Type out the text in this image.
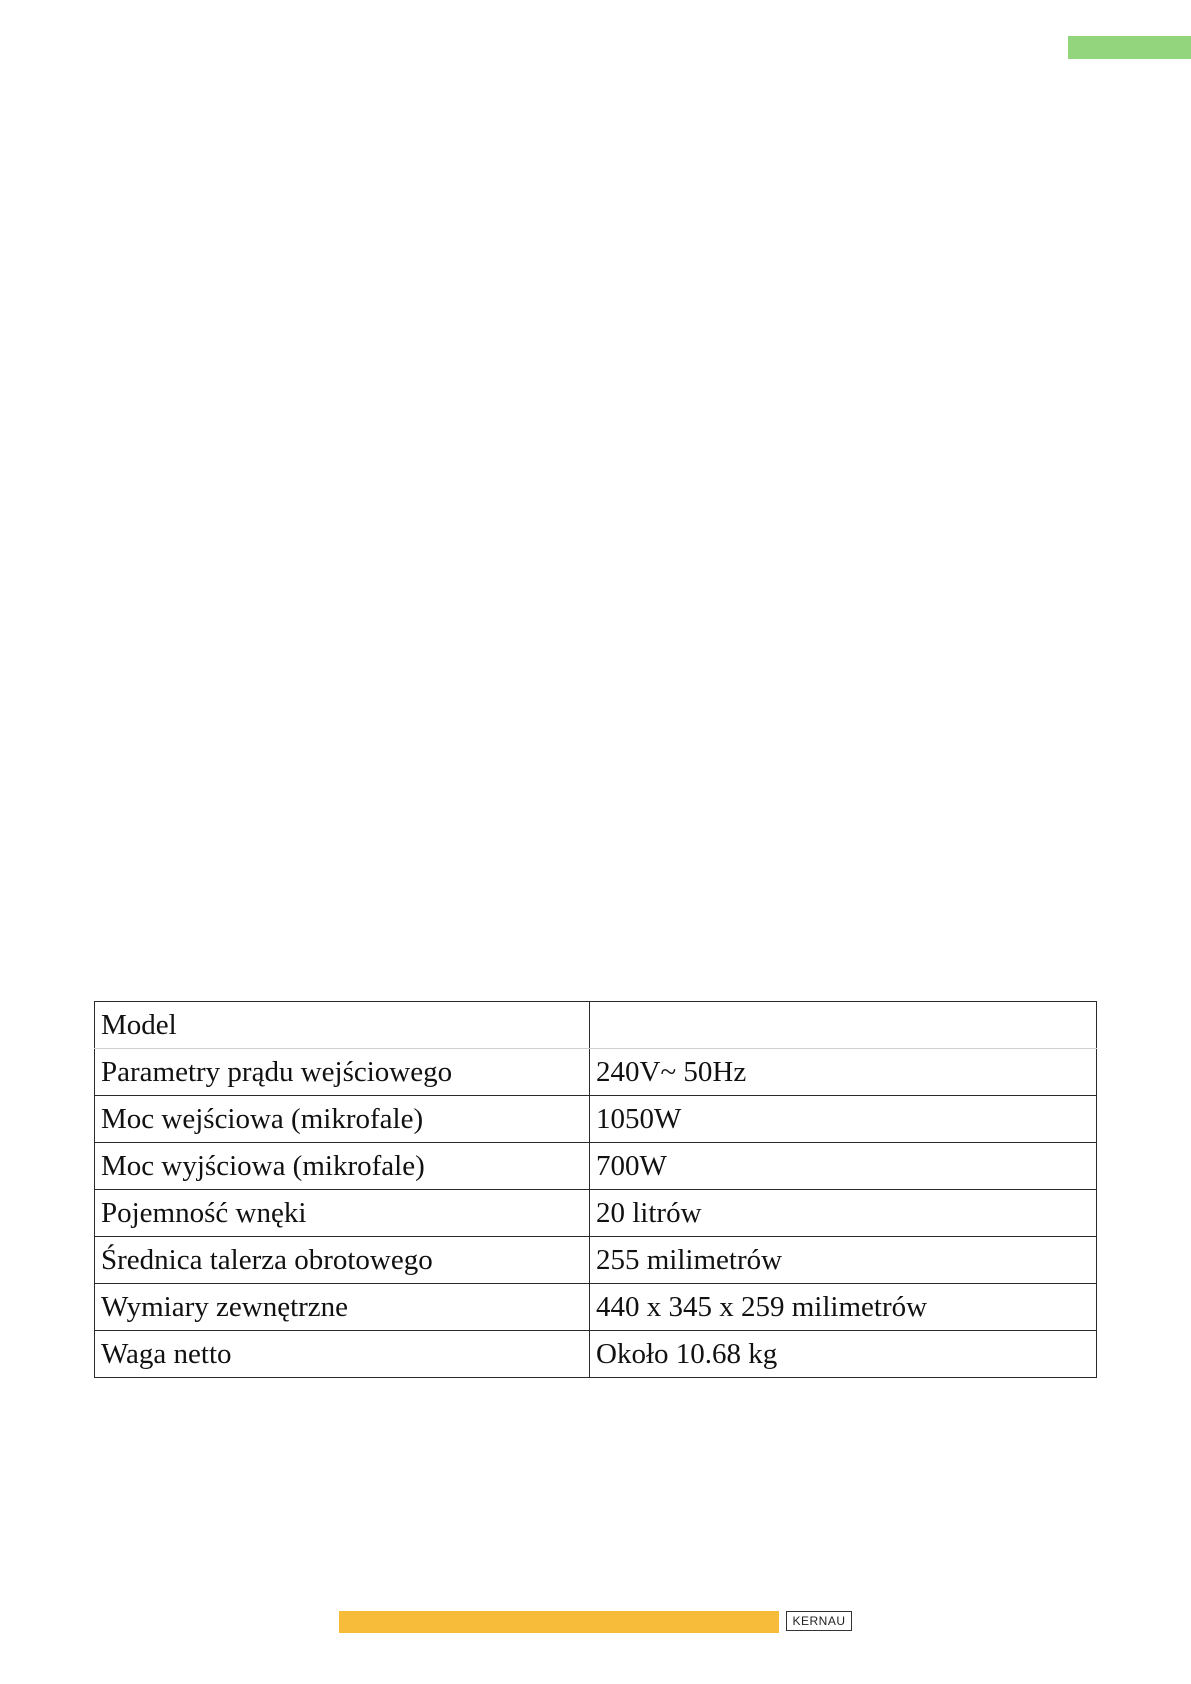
Model	
Parametry prądu wejściowego	240V~ 50Hz
Moc wejściowa (mikrofale)	1050W
Moc wyjściowa (mikrofale)	700W
Pojemność wnęki	20 litrów
Średnica talerza obrotowego	255 milimetrów
Wymiary zewnętrzne	440 x 345 x 259 milimetrów
Waga netto	Około 10.68 kg
KERNAU
